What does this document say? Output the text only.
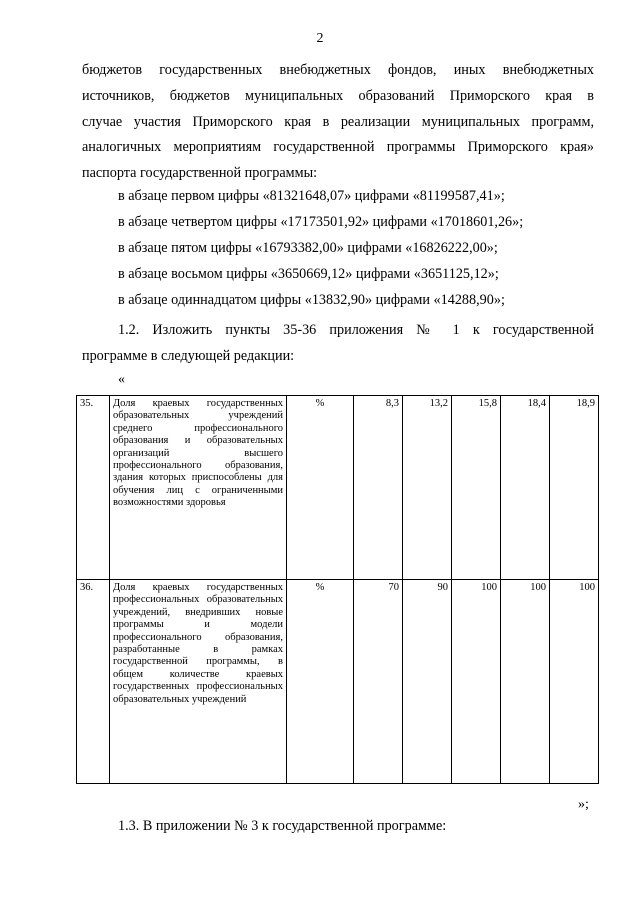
2
бюджетов государственных внебюджетных фондов, иных внебюджетных
источников, бюджетов муниципальных образований Приморского края в
случае участия Приморского края в реализации муниципальных программ,
аналогичных мероприятиям государственной программы Приморского края»
паспорта государственной программы:
в абзаце первом цифры «81321648,07» цифрами «81199587,41»;
в абзаце четвертом цифры «17173501,92» цифрами «17018601,26»;
в абзаце пятом цифры «16793382,00» цифрами «16826222,00»;
в абзаце восьмом цифры «3650669,12» цифрами «3651125,12»;
в абзаце одиннадцатом цифры «13832,90» цифрами «14288,90»;
1.2. Изложить пункты 35-36 приложения № 1 к государственной
программе в следующей редакции:
«
35.	Доля краевых государственных образовательных учреждений среднего профессионального образования и образовательных организаций высшего профессионального образования, здания которых приспособлены для обучения лиц с ограниченными возможностями здоровья	%	8,3	13,2	15,8	18,4	18,9
36.	Доля краевых государственных профессиональных образовательных учреждений, внедривших новые программы и модели профессионального образования, разработанные в рамках государственной программы, в общем количестве краевых государственных профессиональных образовательных учреждений	%	70	90	100	100	100
»;
1.3. В приложении № 3 к государственной программе:
